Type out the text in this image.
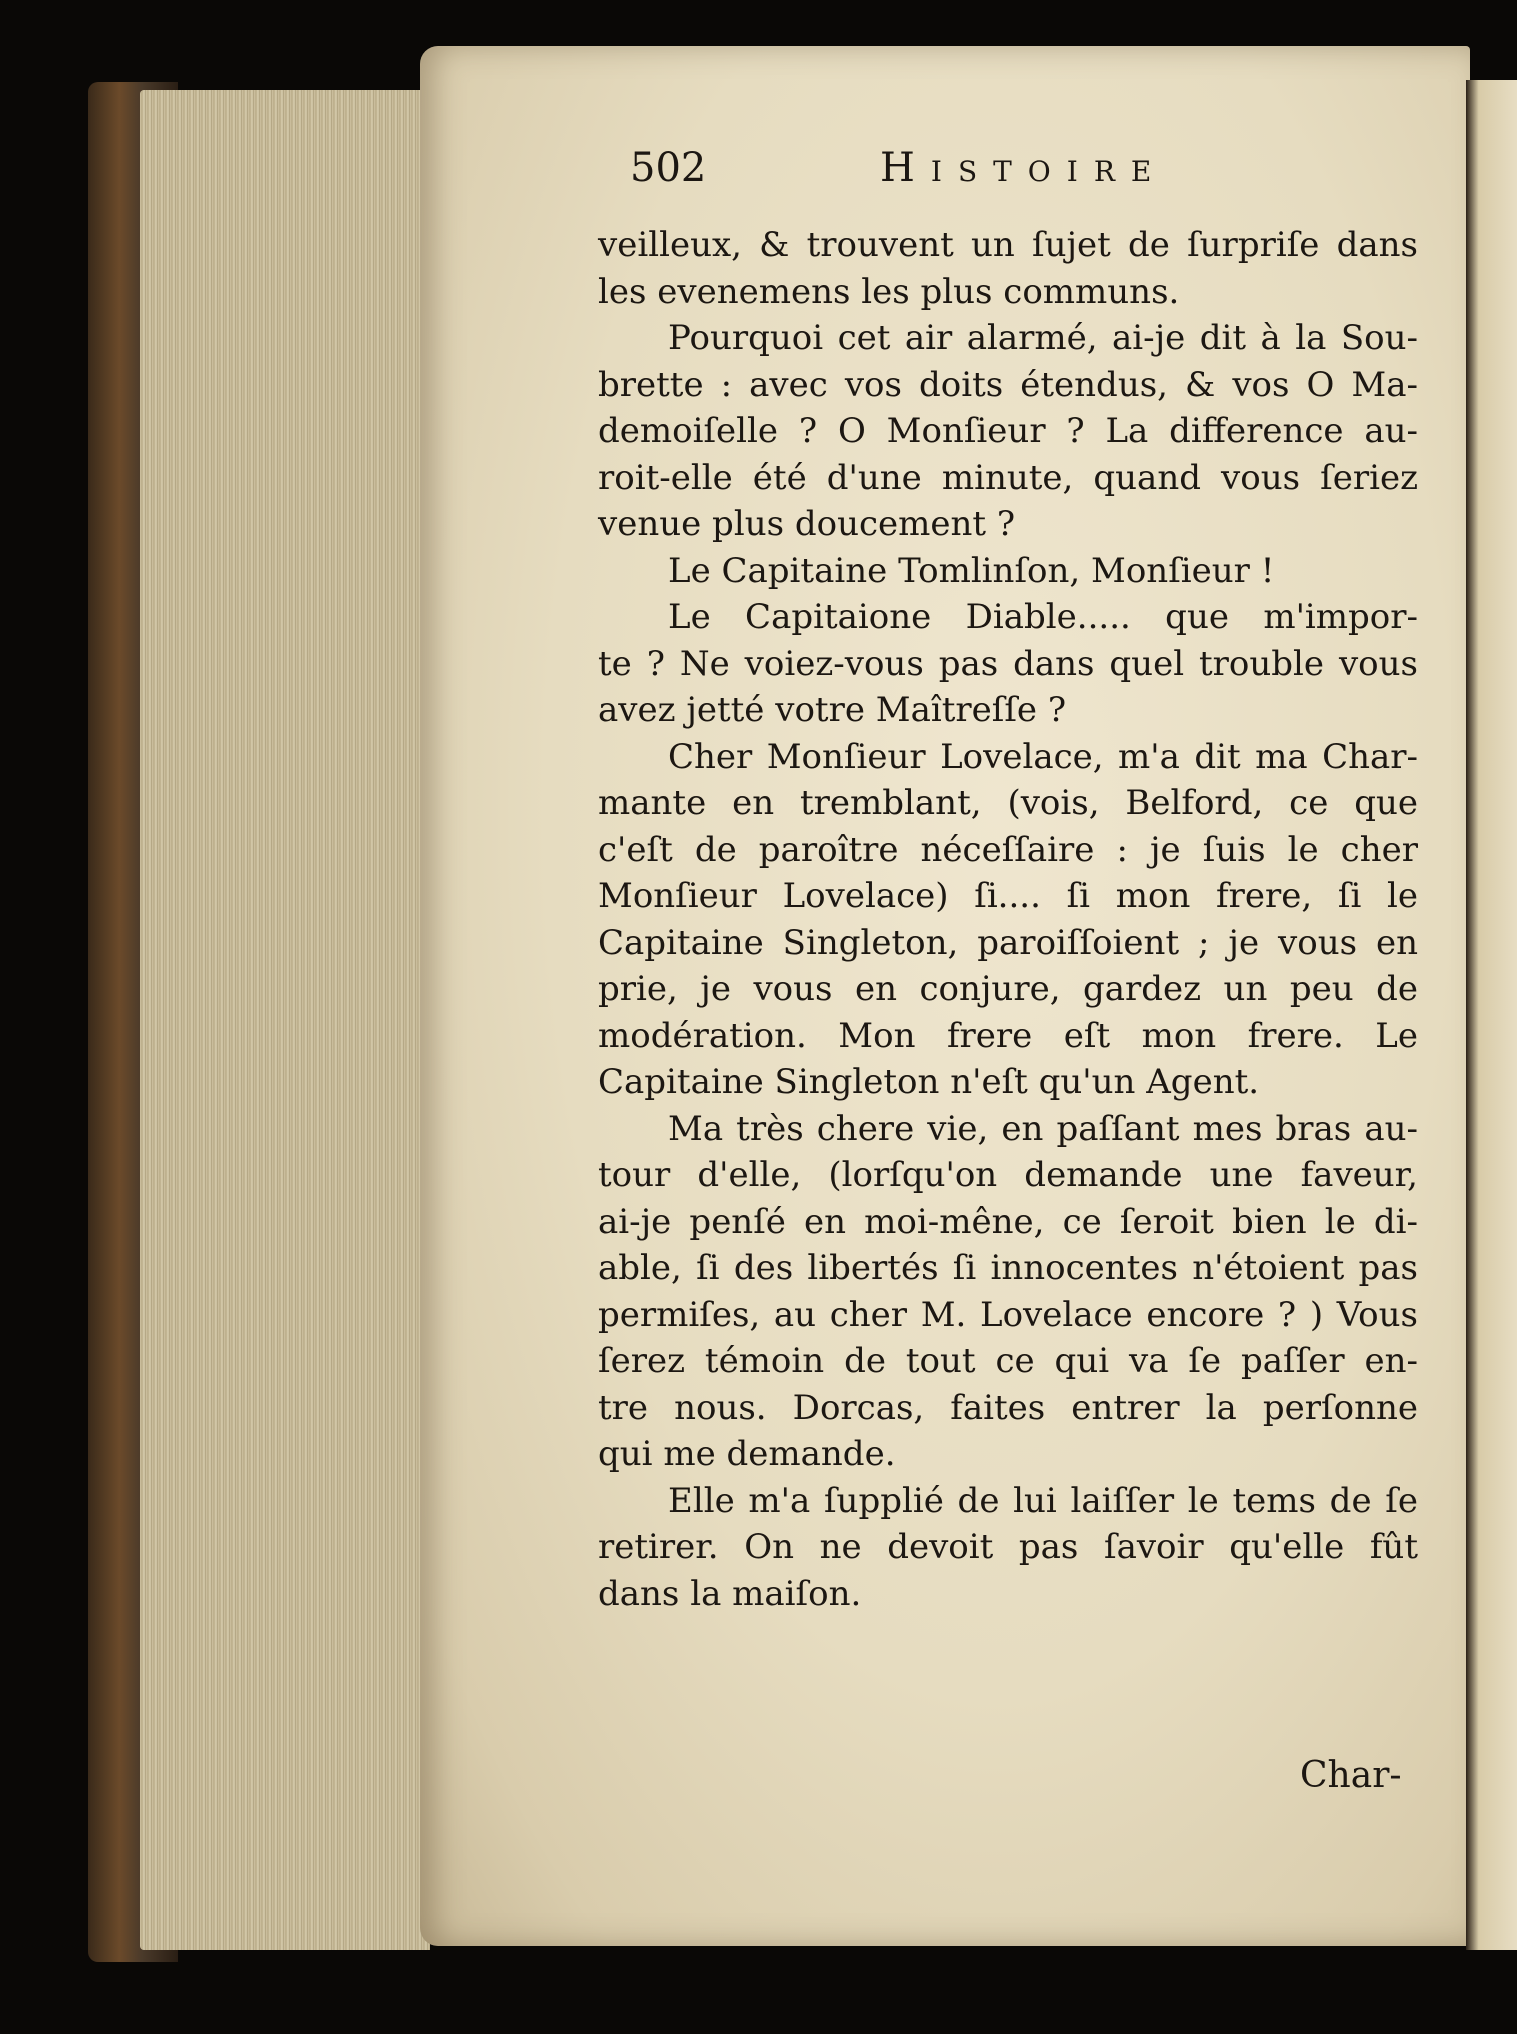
502	Histoire
veilleux, & trouvent un ſujet de ſurpriſe dans
les evenemens les plus communs.
Pourquoi cet air alarmé, ai-je dit à la Sou-
brette : avec vos doits étendus, & vos O Ma-
demoiſelle ? O Monſieur ? La difference au-
roit-elle été d'une minute, quand vous ſeriez
venue plus doucement ?
Le Capitaine Tomlinſon, Monſieur !
Le Capitaione Diable..... que m'impor-
te ? Ne voiez-vous pas dans quel trouble vous
avez jetté votre Maîtreſſe ?
Cher Monſieur Lovelace, m'a dit ma Char-
mante en tremblant, (vois, Belford, ce que
c'eſt de paroître néceſſaire : je ſuis le cher
Monſieur Lovelace) ſi.... ſi mon frere, ſi le
Capitaine Singleton, paroiſſoient ; je vous en
prie, je vous en conjure, gardez un peu de
modération. Mon frere eſt mon frere. Le
Capitaine Singleton n'eſt qu'un Agent.
Ma très chere vie, en paſſant mes bras au-
tour d'elle, (lorſqu'on demande une faveur,
ai-je penſé en moi-mêne, ce ſeroit bien le di-
able, ſi des libertés ſi innocentes n'étoient pas
permiſes, au cher M. Lovelace encore ? ) Vous
ſerez témoin de tout ce qui va ſe paſſer en-
tre nous. Dorcas, faites entrer la perſonne
qui me demande.
Elle m'a ſupplié de lui laiſſer le tems de ſe
retirer. On ne devoit pas ſavoir qu'elle fût
dans la maiſon.
Char-
